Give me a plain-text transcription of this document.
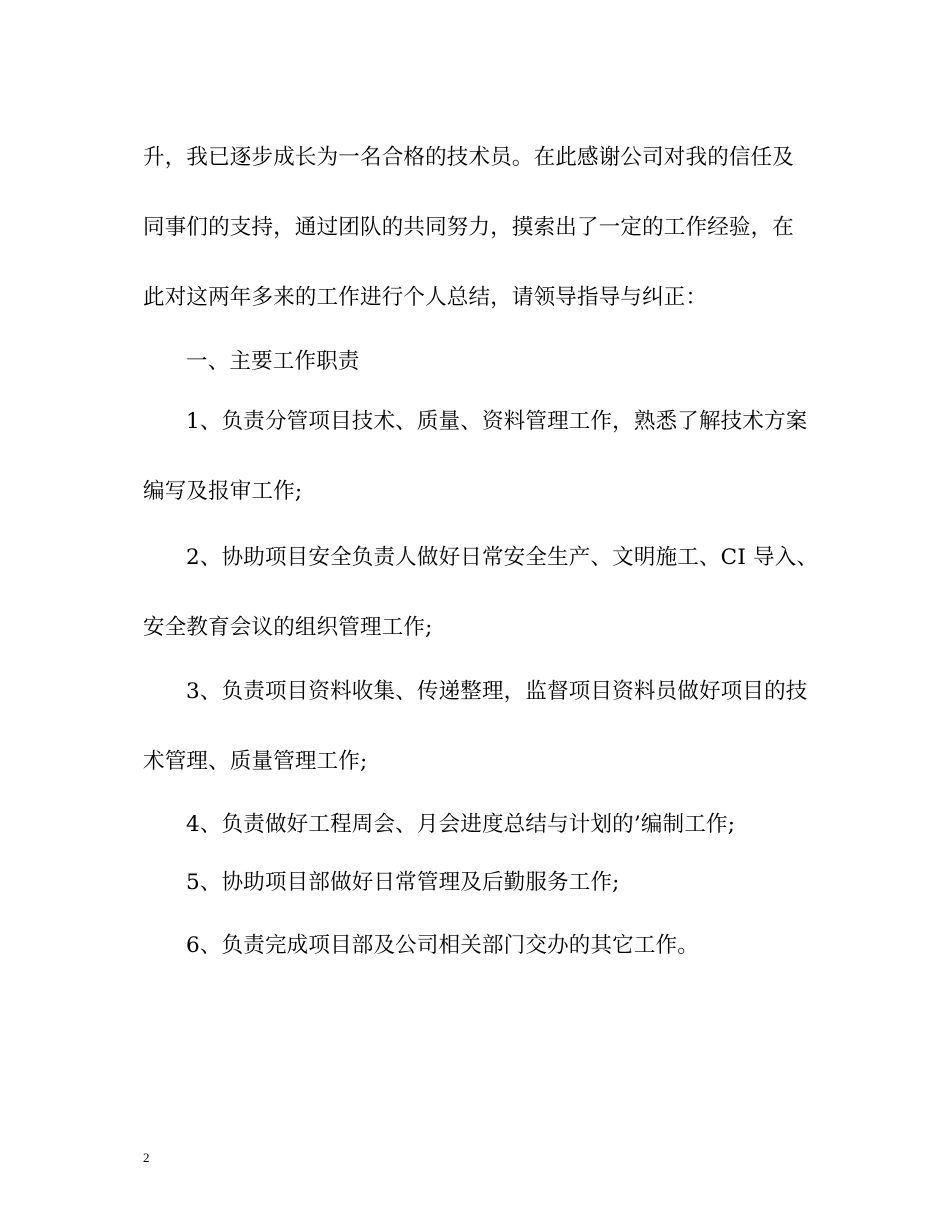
升，我已逐步成长为一名合格的技术员。在此感谢公司对我的信任及
同事们的支持，通过团队的共同努力，摸索出了一定的工作经验，在
此对这两年多来的工作进行个人总结，请领导指导与纠正：
一、主要工作职责
1、负责分管项目技术、质量、资料管理工作，熟悉了解技术方案
编写及报审工作;
2、协助项目安全负责人做好日常安全生产、文明施工、CI 导入、
安全教育会议的组织管理工作;
3、负责项目资料收集、传递整理，监督项目资料员做好项目的技
术管理、质量管理工作;
4、负责做好工程周会、月会进度总结与计划的’编制工作;
5、协助项目部做好日常管理及后勤服务工作;
6、负责完成项目部及公司相关部门交办的其它工作。
2
